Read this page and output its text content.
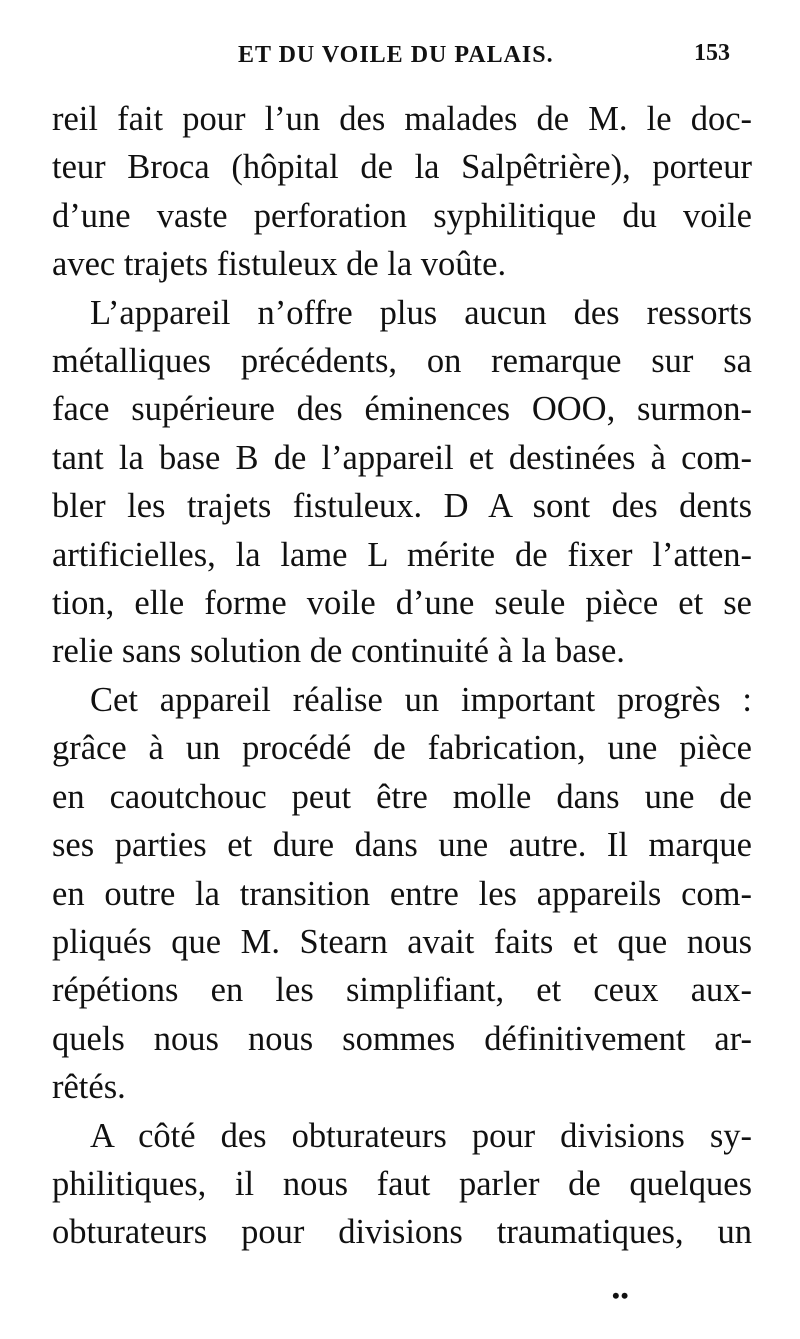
ET DU VOILE DU PALAIS.	153
reil fait pour l’un des malades de M. le doc-
teur Broca (hôpital de la Salpêtrière), porteur
d’une vaste perforation syphilitique du voile
avec trajets fistuleux de la voûte.
L’appareil n’offre plus aucun des ressorts
métalliques précédents, on remarque sur sa
face supérieure des éminences OOO, surmon-
tant la base B de l’appareil et destinées à com-
bler les trajets fistuleux. D A sont des dents
artificielles, la lame L mérite de fixer l’atten-
tion, elle forme voile d’une seule pièce et se
relie sans solution de continuité à la base.
Cet appareil réalise un important progrès :
grâce à un procédé de fabrication, une pièce
en caoutchouc peut être molle dans une de
ses parties et dure dans une autre. Il marque
en outre la transition entre les appareils com-
pliqués que M. Stearn avait faits et que nous
répétions en les simplifiant, et ceux aux-
quels nous nous sommes définitivement ar-
rêtés.
A côté des obturateurs pour divisions sy-
philitiques, il nous faut parler de quelques
obturateurs pour divisions traumatiques, un
••
